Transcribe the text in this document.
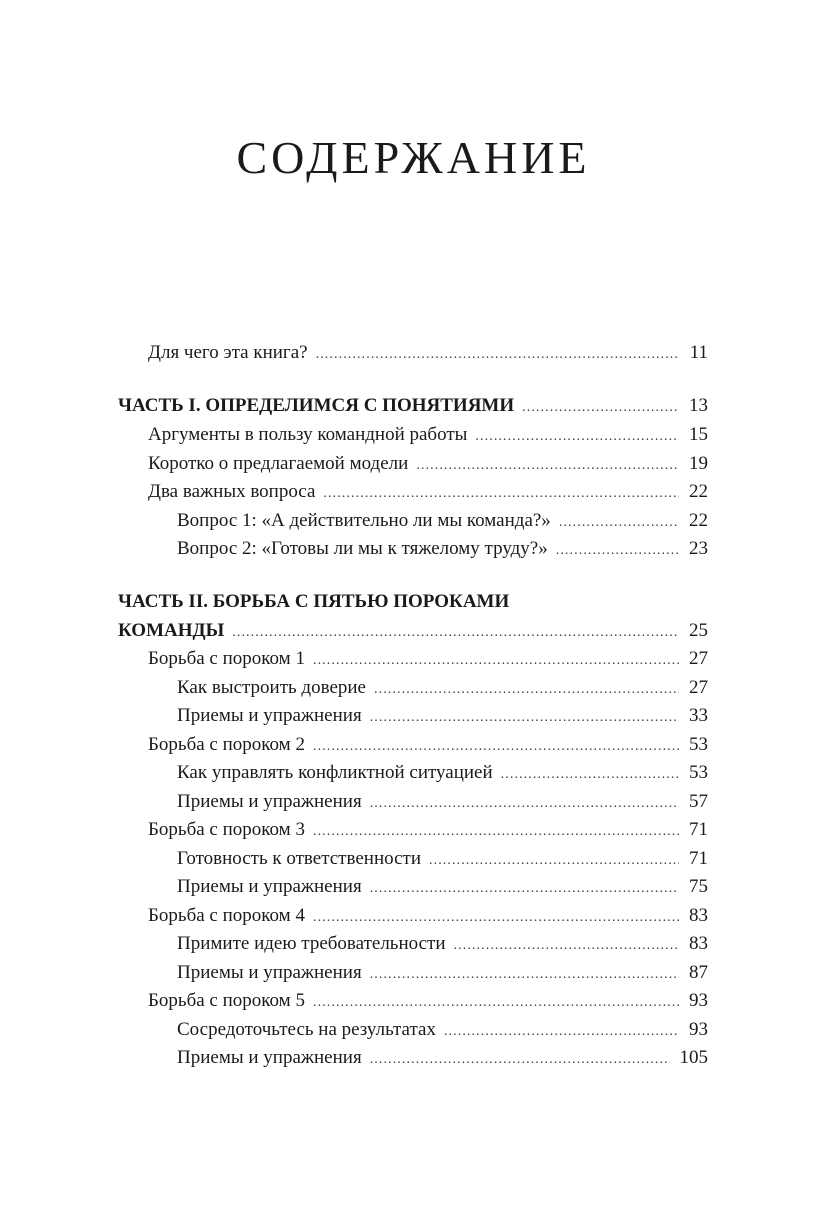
СОДЕРЖАНИЕ
Для чего эта книга? . . .	11
ЧАСТЬ I. ОПРЕДЕЛИМСЯ С ПОНЯТИЯМИ . . .	13
Аргументы в пользу командной работы . . .	15
Коротко о предлагаемой модели . . .	19
Два важных вопроса . . .	22
Вопрос 1: «А действительно ли мы команда?» . . .	22
Вопрос 2: «Готовы ли мы к тяжелому труду?» . . .	23
ЧАСТЬ II. БОРЬБА С ПЯТЬЮ ПОРОКАМИ
КОМАНДЫ . . .	25
Борьба с пороком 1 . . .	27
Как выстроить доверие . . .	27
Приемы и упражнения . . .	33
Борьба с пороком 2 . . .	53
Как управлять конфликтной ситуацией . . .	53
Приемы и упражнения . . .	57
Борьба с пороком 3 . . .	71
Готовность к ответственности . . .	71
Приемы и упражнения . . .	75
Борьба с пороком 4 . . .	83
Примите идею требовательности . . .	83
Приемы и упражнения . . .	87
Борьба с пороком 5 . . .	93
Сосредоточьтесь на результатах . . .	93
Приемы и упражнения . . .	105
